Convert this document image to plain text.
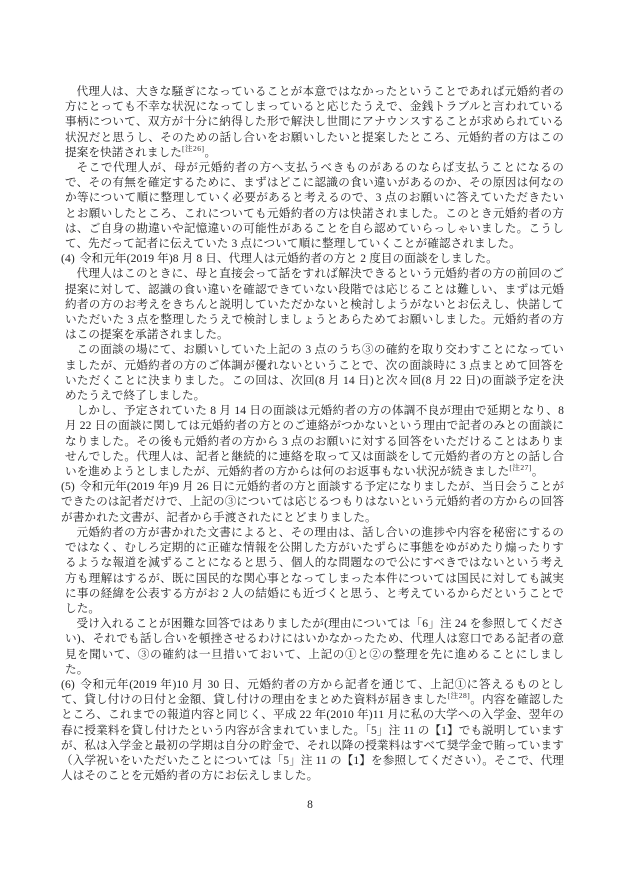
代理人は、大きな騒ぎになっていることが本意ではなかったということであれば元婚約者の方にとっても不幸な状況になってしまっていると応じたうえで、金銭トラブルと言われている事柄について、双方が十分に納得した形で解決し世間にアナウンスすることが求められている状況だと思うし、そのための話し合いをお願いしたいと提案したところ、元婚約者の方はこの提案を快諾されました[注26]。

そこで代理人が、母が元婚約者の方へ支払うべきものがあるのならば支払うことになるので、その有無を確定するために、まずはどこに認識の食い違いがあるのか、その原因は何なのか等について順に整理していく必要があると考えるので、3 点のお願いに答えていただきたいとお願いしたところ、これについても元婚約者の方は快諾されました。このとき元婚約者の方は、ご自身の勘違いや記憶違いの可能性があることを自ら認めていらっしゃいました。こうして、先だって記者に伝えていた 3 点について順に整理していくことが確認されました。

(4) 令和元年(2019 年)8 月 8 日、代理人は元婚約者の方と 2 度目の面談をしました。

代理人はこのときに、母と直接会って話をすれば解決できるという元婚約者の方の前回のご提案に対して、認識の食い違いを確認できていない段階では応じることは難しい、まずは元婚約者の方のお考えをきちんと説明していただかないと検討しようがないとお伝えし、快諾していただいた 3 点を整理したうえで検討しましょうとあらためてお願いしました。元婚約者の方はこの提案を承諾されました。

この面談の場にて、お願いしていた上記の 3 点のうち③の確約を取り交わすことになっていましたが、元婚約者の方のご体調が優れないということで、次の面談時に 3 点まとめて回答をいただくことに決まりました。この回は、次回(8 月 14 日)と次々回(8 月 22 日)の面談予定を決めたうえで終了しました。

しかし、予定されていた 8 月 14 日の面談は元婚約者の方の体調不良が理由で延期となり、8 月 22 日の面談に関しては元婚約者の方とのご連絡がつかないという理由で記者のみとの面談になりました。その後も元婚約者の方から 3 点のお願いに対する回答をいただけることはありませんでした。代理人は、記者と継続的に連絡を取って又は面談をして元婚約者の方との話し合いを進めようとしましたが、元婚約者の方からは何のお返事もない状況が続きました[注27]。

(5) 令和元年(2019 年)9 月 26 日に元婚約者の方と面談する予定になりましたが、当日会うことができたのは記者だけで、上記の③については応じるつもりはないという元婚約者の方からの回答が書かれた文書が、記者から手渡されたにとどまりました。

元婚約者の方が書かれた文書によると、その理由は、話し合いの進捗や内容を秘密にするのではなく、むしろ定期的に正確な情報を公開した方がいたずらに事態をゆがめたり煽ったりするような報道を減ずることになると思う、個人的な問題なので公にすべきではないという考え方も理解はするが、既に国民的な関心事となってしまった本件については国民に対しても誠実に事の経緯を公表する方がお 2 人の結婚にも近づくと思う、と考えているからだということでした。

受け入れることが困難な回答ではありましたが(理由については「6」注 24 を参照してください)、それでも話し合いを頓挫させるわけにはいかなかったため、代理人は窓口である記者の意見を聞いて、③の確約は一旦措いておいて、上記の①と②の整理を先に進めることにしました。

(6) 令和元年(2019 年)10 月 30 日、元婚約者の方から記者を通じて、上記①に答えるものとして、貸し付けの日付と金額、貸し付けの理由をまとめた資料が届きました[注28]。内容を確認したところ、これまでの報道内容と同じく、平成 22 年(2010 年)11 月に私の大学への入学金、翌年の春に授業料を貸し付けたという内容が含まれていました。「5」注 11 の【1】でも説明していますが、私は入学金と最初の学期は自分の貯金で、それ以降の授業料はすべて奨学金で賄っています（入学祝いをいただいたことについては「5」注 11 の【1】を参照してください）。そこで、代理人はそのことを元婚約者の方にお伝えしました。

8
